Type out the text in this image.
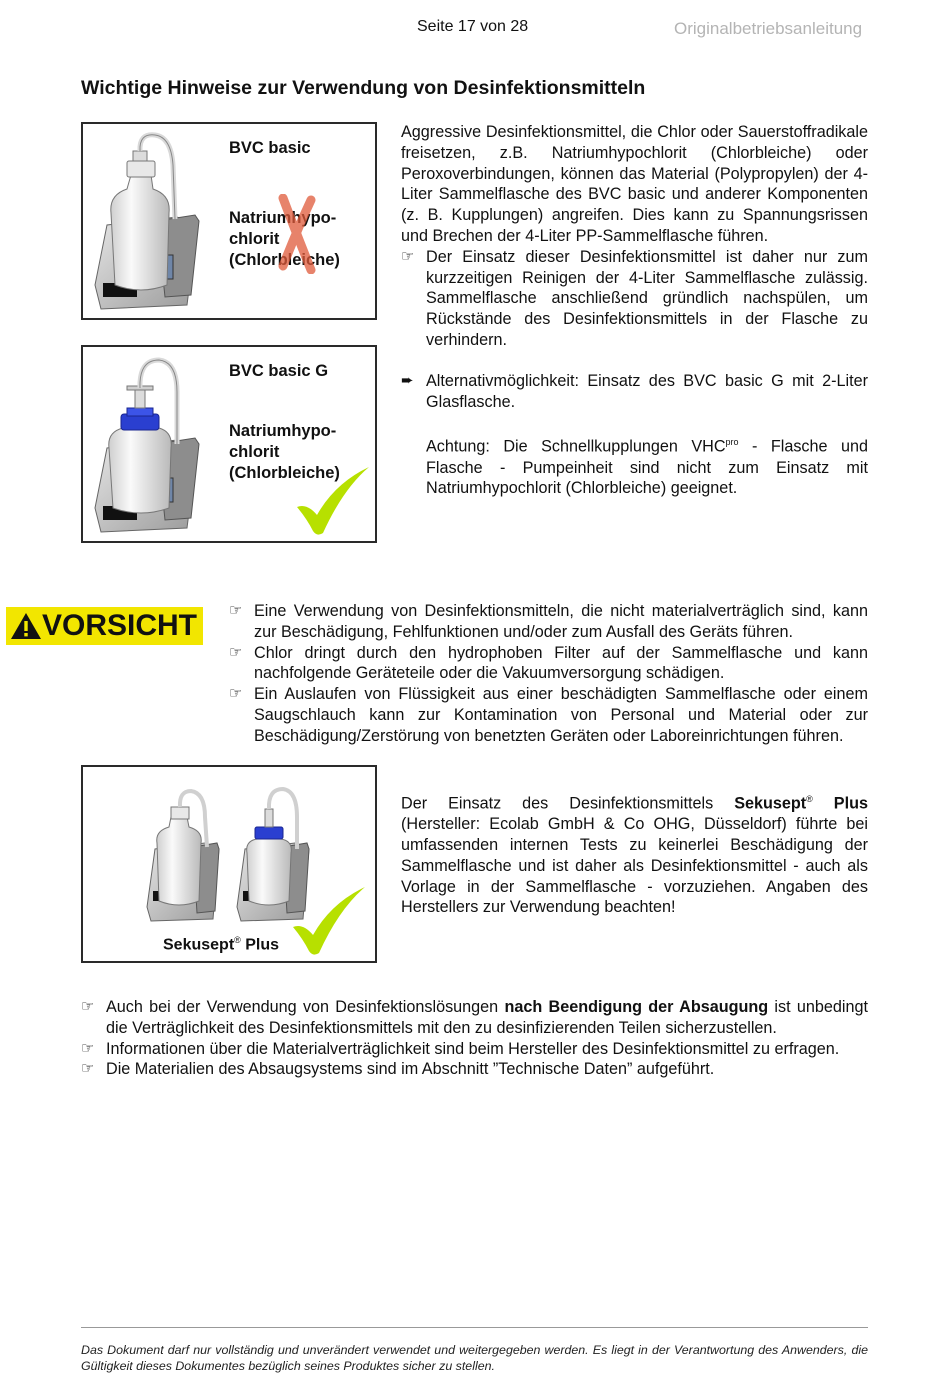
Seite 17 von 28	Originalbetriebsanleitung
Wichtige Hinweise zur Verwendung von Desinfektionsmitteln
BVC basic
Natriumhypo-
chlorit
(Chlorbleiche)
BVC basic G
Natriumhypo-
chlorit
(Chlorbleiche)

Aggressive Desinfektionsmittel, die Chlor oder Sauerstoffradikale freisetzen, z.B. Natriumhypochlorit (Chlorbleiche) oder Peroxoverbindungen, können das Material (Polypropylen) der 4-Liter Sammelflasche des BVC basic und anderer Komponenten (z. B. Kupplungen) angreifen. Dies kann zu Spannungsrissen und Brechen der 4-Liter PP-Sammelflasche führen.

☞ Der Einsatz dieser Desinfektionsmittel ist daher nur zum kurzzeitigen Reinigen der 4-Liter Sammelflasche zulässig. Sammelflasche anschließend gründlich nachspülen, um Rückstände des Desinfektionsmittels in der Flasche zu verhindern.
➨ Alternativmöglichkeit: Einsatz des BVC basic G mit 2-Liter Glasflasche.
Achtung: Die Schnellkupplungen $VHC^{pro}$ - Flasche und Flasche - Pumpeinheit sind nicht zum Einsatz mit Natriumhypochlorit (Chlorbleiche) geeignet.
VORSICHT ☞ Eine Verwendung von Desinfektionsmitteln, die nicht materialverträglich sind, kann zur Beschädigung, Fehlfunktionen und/oder zum Ausfall des Geräts führen.
☞ Chlor dringt durch den hydrophoben Filter auf der Sammelflasche und kann nachfolgende Geräteteile oder die Vakuumversorgung schädigen.
☞ Ein Auslaufen von Flüssigkeit aus einer beschädigten Sammelflasche oder einem Saugschlauch kann zur Kontamination von Personal und Material oder zur Beschädigung/Zerstörung von benetzten Geräten oder Laboreinrichtungen führen.
Sekusept® Plus
Der Einsatz des Desinfektionsmittels Sekusept® Plus (Hersteller: Ecolab GmbH & Co OHG, Düsseldorf) führte bei umfassenden internen Tests zu keinerlei Beschädigung der Sammelflasche und ist daher als Desinfektionsmittel - auch als Vorlage in der Sammelflasche - vorzuziehen. Angaben des Herstellers zur Verwendung beachten!
☞ Auch bei der Verwendung von Desinfektionslösungen nach Beendigung der Absaugung ist unbedingt die Verträglichkeit des Desinfektionsmittels mit den zu desinfizierenden Teilen sicherzustellen.
☞ Informationen über die Materialverträglichkeit sind beim Hersteller des Desinfektionsmittel zu erfragen.
☞ Die Materialien des Absaugsystems sind im Abschnitt ”Technische Daten” aufgeführt.
Das Dokument darf nur vollständig und unverändert verwendet und weitergegeben werden. Es liegt in der Verantwortung des Anwenders, die Gültigkeit dieses Dokumentes bezüglich seines Produktes sicher zu stellen.
